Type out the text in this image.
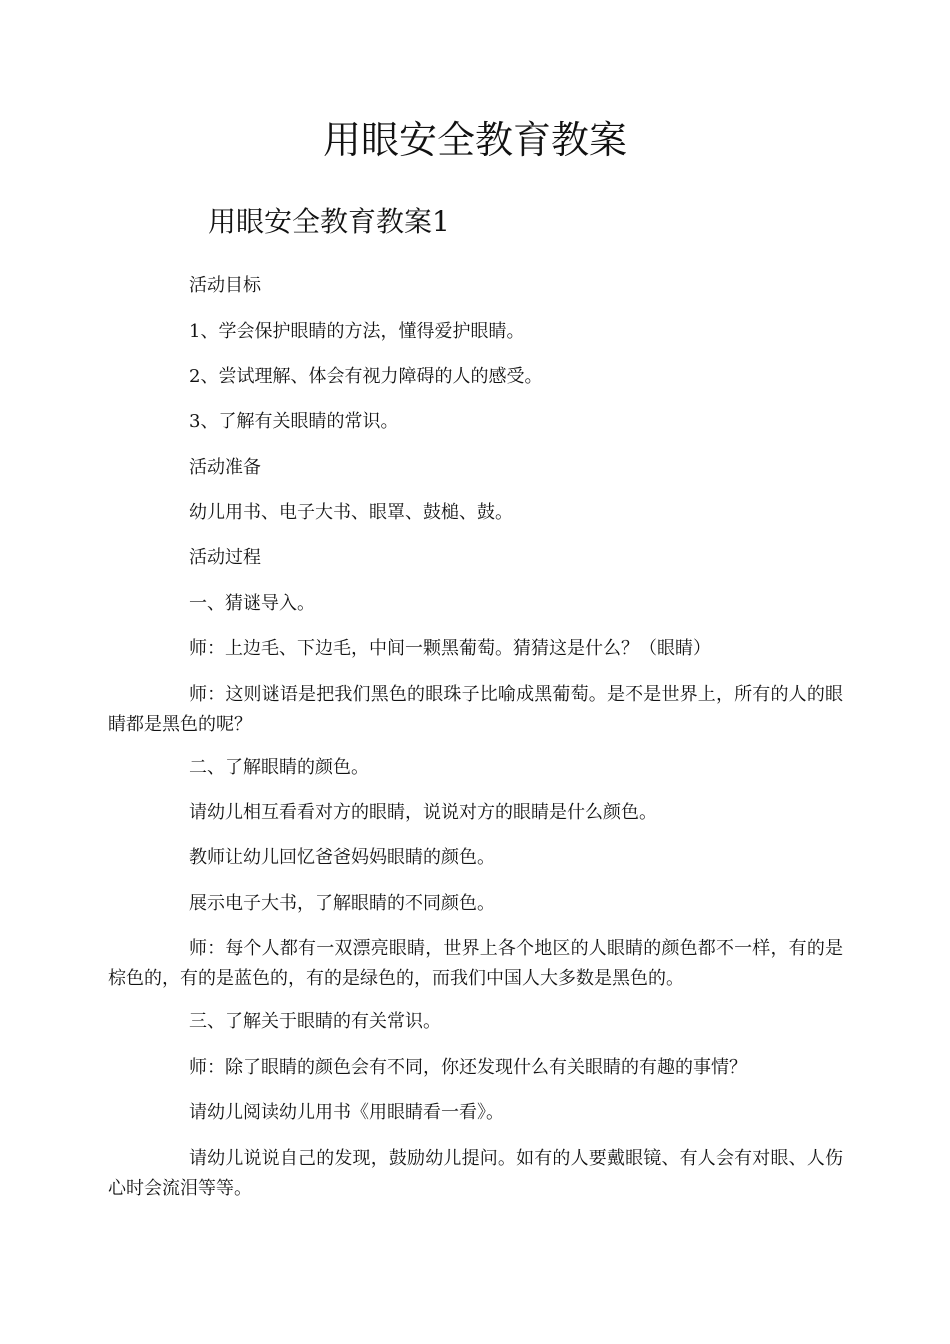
用眼安全教育教案
用眼安全教育教案1

活动目标

1、学会保护眼睛的方法，懂得爱护眼睛。

2、尝试理解、体会有视力障碍的人的感受。

3、了解有关眼睛的常识。

活动准备

幼儿用书、电子大书、眼罩、鼓槌、鼓。

活动过程

一、猜谜导入。

师：上边毛、下边毛，中间一颗黑葡萄。猜猜这是什么？（眼睛）

师：这则谜语是把我们黑色的眼珠子比喻成黑葡萄。是不是世界上，所有的人的眼睛都是黑色的呢？

二、了解眼睛的颜色。

请幼儿相互看看对方的眼睛，说说对方的眼睛是什么颜色。

教师让幼儿回忆爸爸妈妈眼睛的颜色。

展示电子大书，了解眼睛的不同颜色。

师：每个人都有一双漂亮眼睛，世界上各个地区的人眼睛的颜色都不一样，有的是棕色的，有的是蓝色的，有的是绿色的，而我们中国人大多数是黑色的。

三、了解关于眼睛的有关常识。

师：除了眼睛的颜色会有不同，你还发现什么有关眼睛的有趣的事情？

请幼儿阅读幼儿用书《用眼睛看一看》。

请幼儿说说自己的发现，鼓励幼儿提问。如有的人要戴眼镜、有人会有对眼、人伤心时会流泪等等。
